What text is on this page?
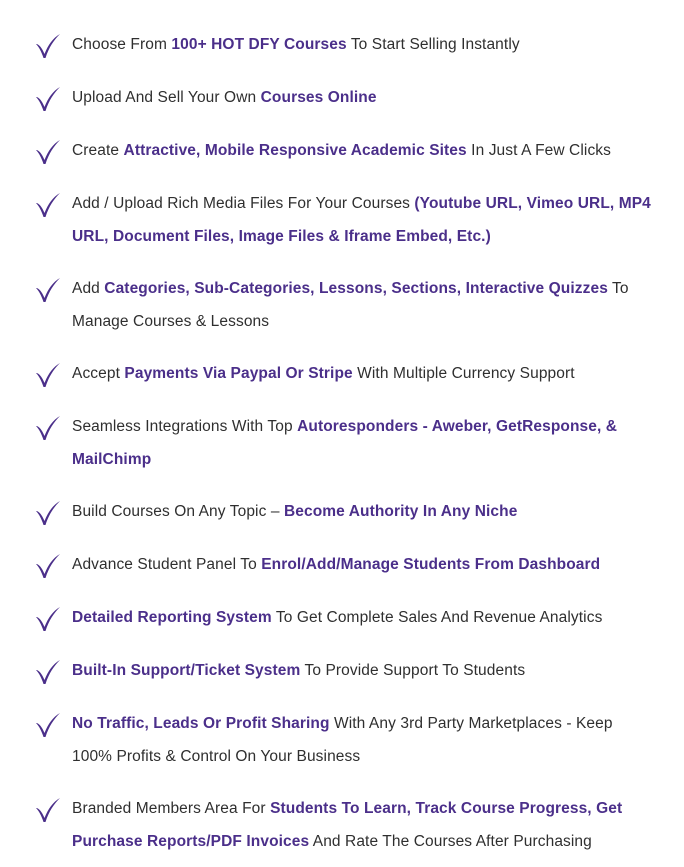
Choose From 100+ HOT DFY Courses To Start Selling Instantly
Upload And Sell Your Own Courses Online
Create Attractive, Mobile Responsive Academic Sites In Just A Few Clicks
Add / Upload Rich Media Files For Your Courses (Youtube URL, Vimeo URL, MP4 URL, Document Files, Image Files & Iframe Embed, Etc.)
Add Categories, Sub-Categories, Lessons, Sections, Interactive Quizzes To Manage Courses & Lessons
Accept Payments Via Paypal Or Stripe With Multiple Currency Support
Seamless Integrations With Top Autoresponders - Aweber, GetResponse, & MailChimp
Build Courses On Any Topic – Become Authority In Any Niche
Advance Student Panel To Enrol/Add/Manage Students From Dashboard
Detailed Reporting System To Get Complete Sales And Revenue Analytics
Built-In Support/Ticket System To Provide Support To Students
No Traffic, Leads Or Profit Sharing With Any 3rd Party Marketplaces - Keep 100% Profits & Control On Your Business
Branded Members Area For Students To Learn, Track Course Progress, Get Purchase Reports/PDF Invoices And Rate The Courses After Purchasing
